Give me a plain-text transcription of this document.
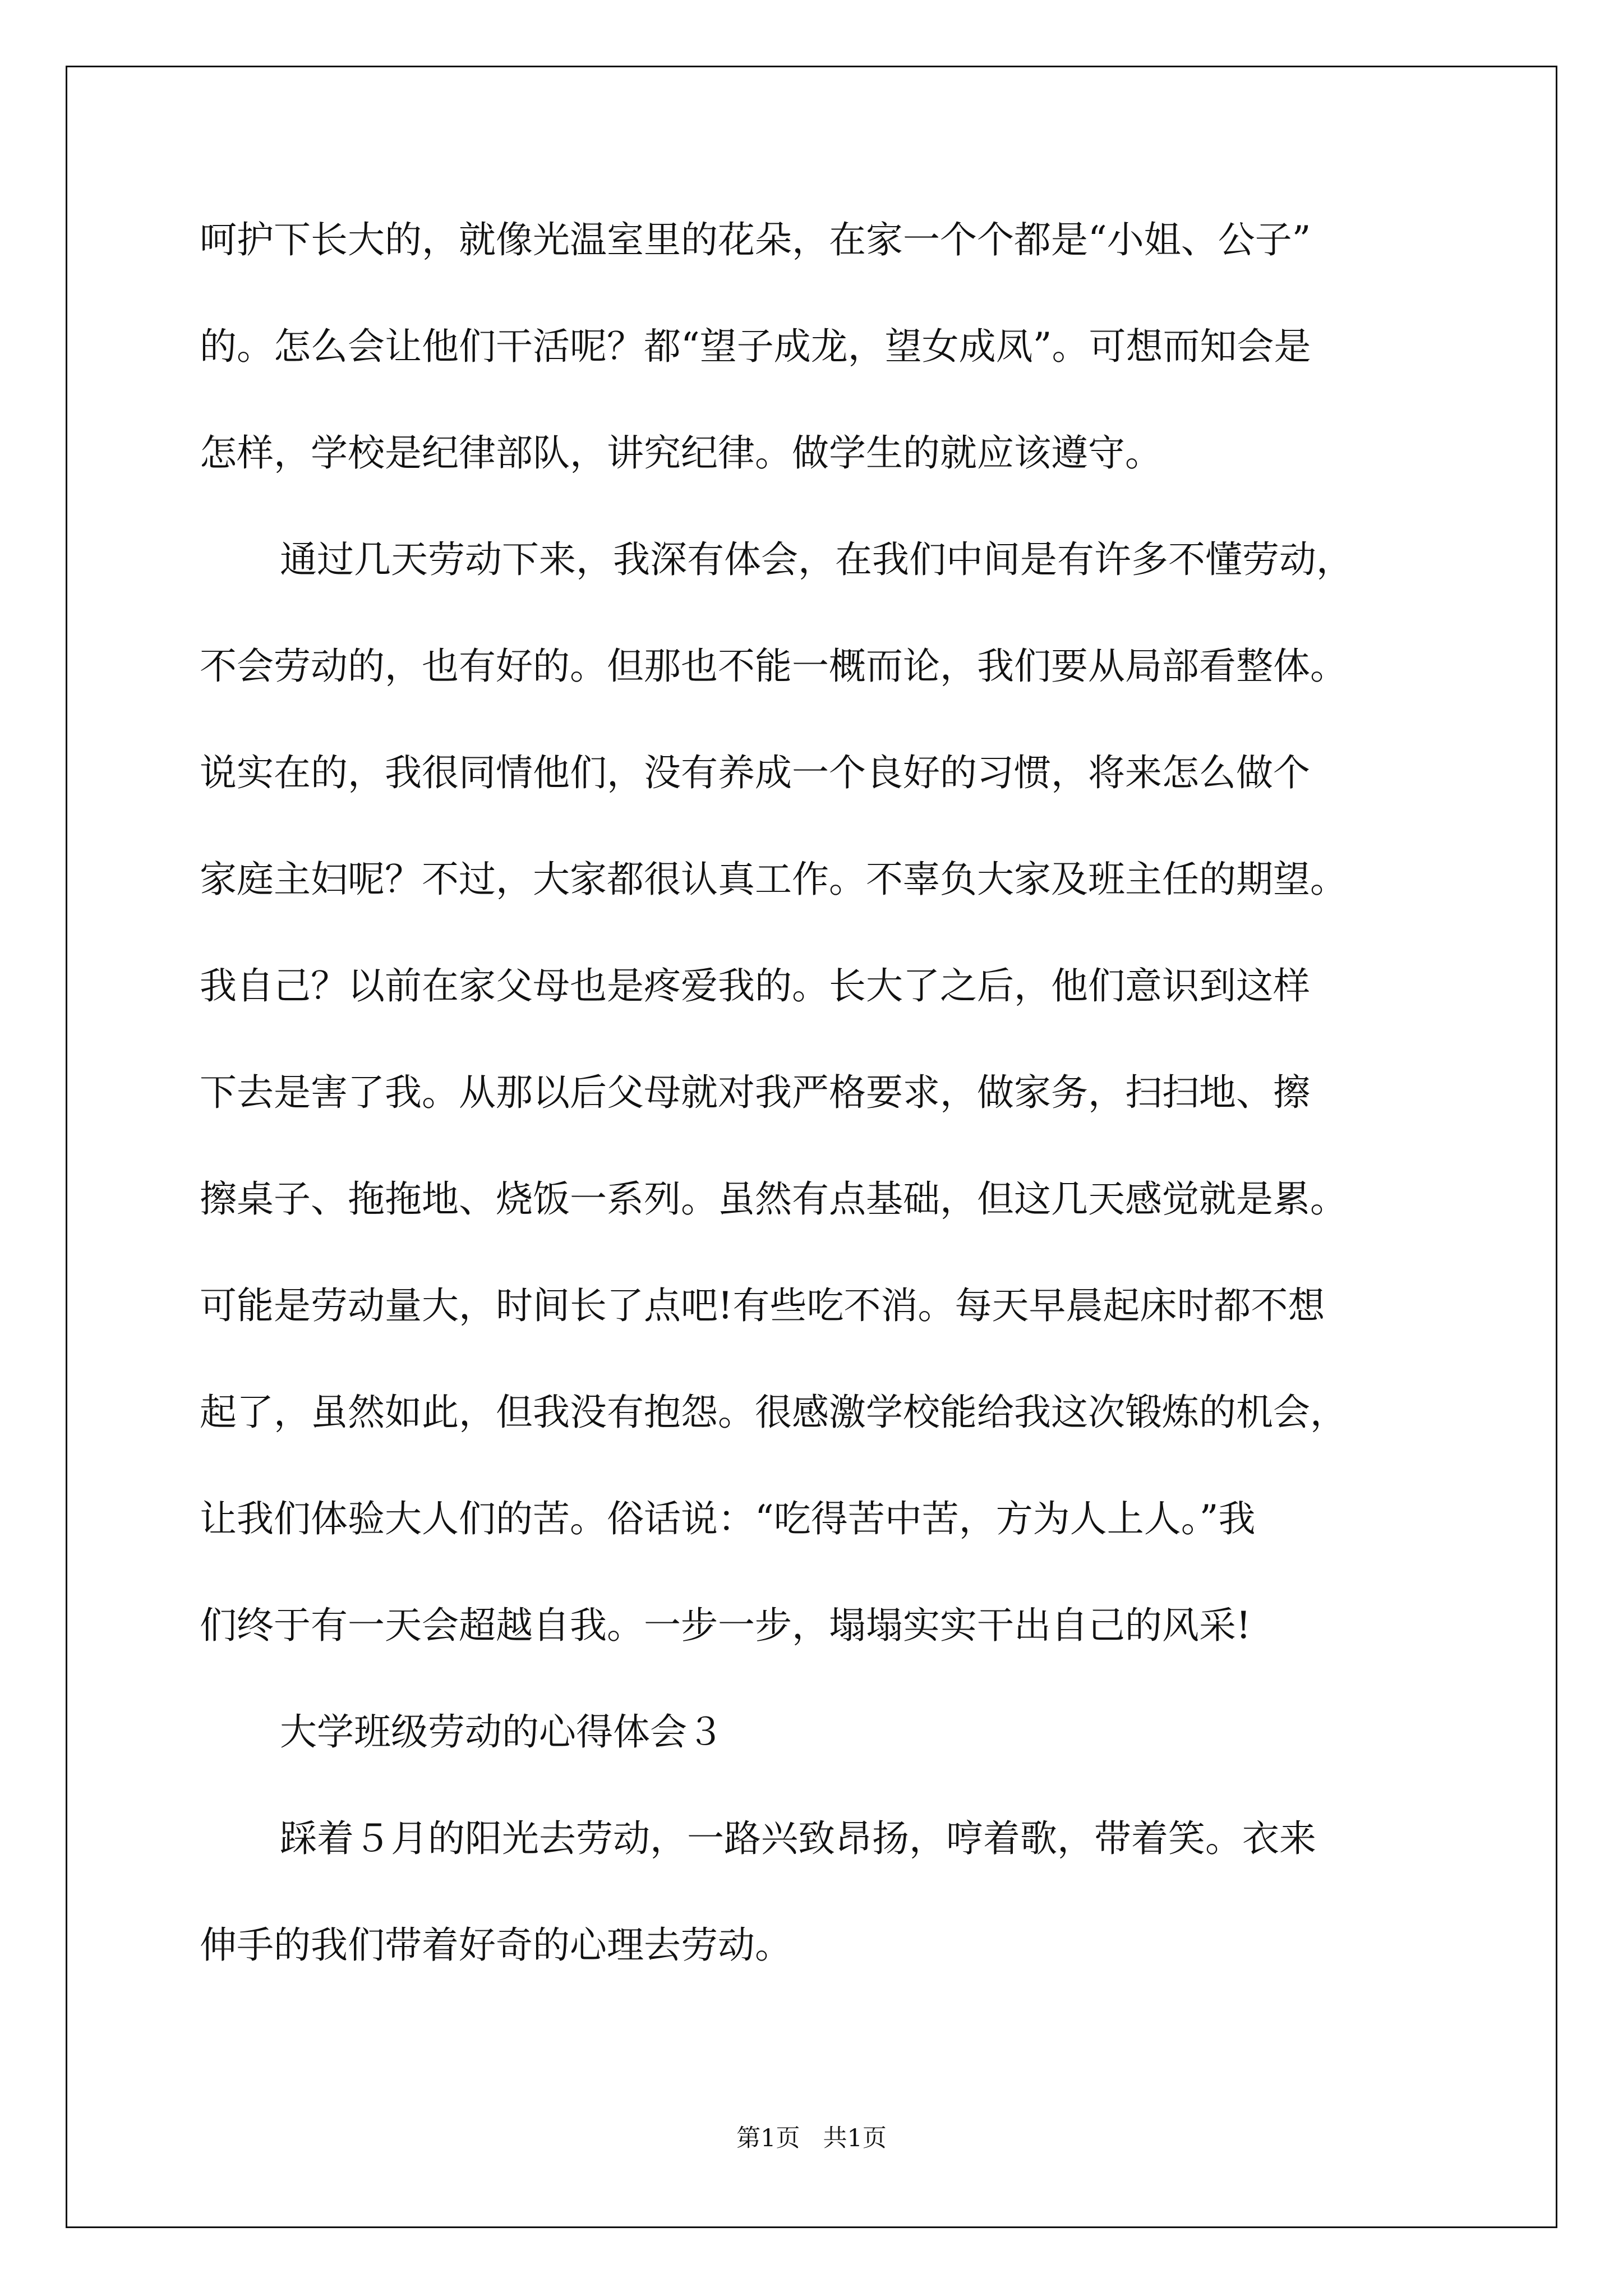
呵护下长大的，就像光温室里的花朵，在家一个个都是“小姐、公子”
的。怎么会让他们干活呢？都“望子成龙，望女成凤”。可想而知会是
怎样，学校是纪律部队，讲究纪律。做学生的就应该遵守。
通过几天劳动下来，我深有体会，在我们中间是有许多不懂劳动，
不会劳动的，也有好的。但那也不能一概而论，我们要从局部看整体。
说实在的，我很同情他们，没有养成一个良好的习惯，将来怎么做个
家庭主妇呢？不过，大家都很认真工作。不辜负大家及班主任的期望。
我自己？以前在家父母也是疼爱我的。长大了之后，他们意识到这样
下去是害了我。从那以后父母就对我严格要求，做家务，扫扫地、擦
擦桌子、拖拖地、烧饭一系列。虽然有点基础，但这几天感觉就是累。
可能是劳动量大，时间长了点吧!有些吃不消。每天早晨起床时都不想
起了，虽然如此，但我没有抱怨。很感激学校能给我这次锻炼的机会，
让我们体验大人们的苦。俗话说：“吃得苦中苦，方为人上人。”我
们终于有一天会超越自我。一步一步，塌塌实实干出自己的风采!
大学班级劳动的心得体会３
踩着５月的阳光去劳动，一路兴致昂扬，哼着歌，带着笑。衣来
伸手的我们带着好奇的心理去劳动。
第1页   共1页
